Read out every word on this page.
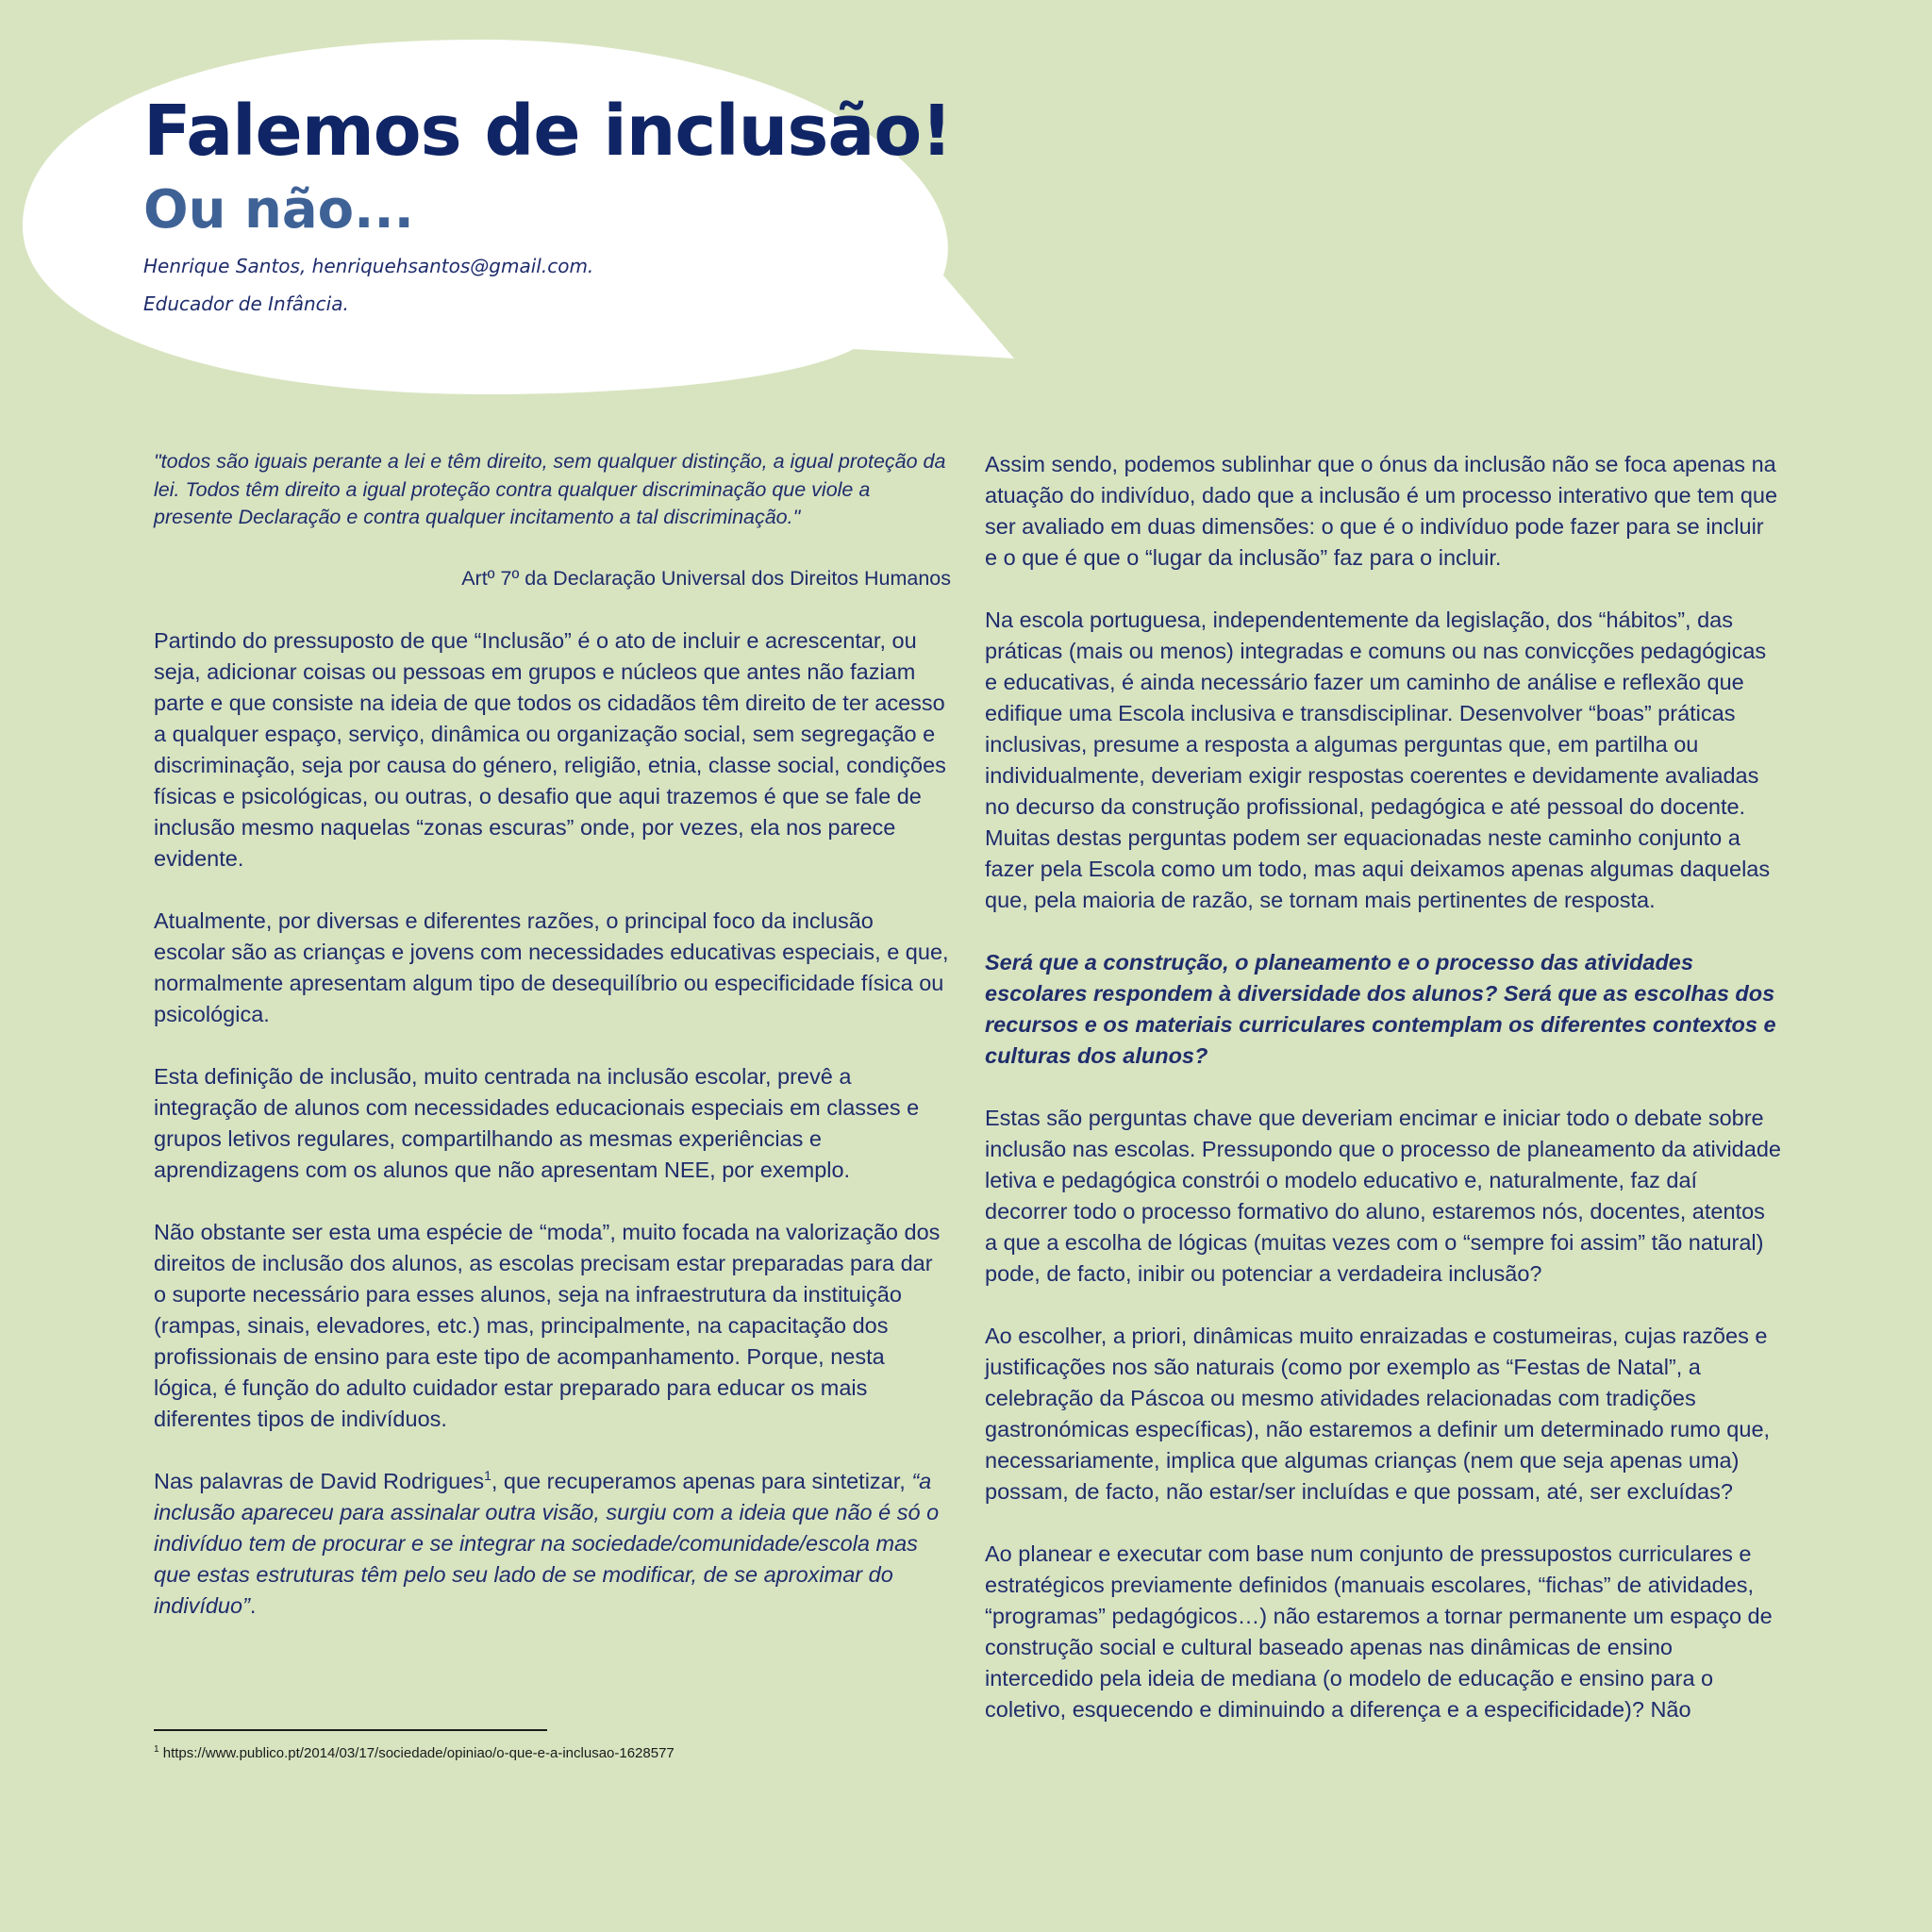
Falemos de inclusão!
Ou não...
Henrique Santos, henriquehsantos@gmail.com.
Educador de Infância.

"todos são iguais perante a lei e têm direito, sem qualquer distinção, a igual proteção da lei. Todos têm direito a igual proteção contra qualquer discriminação que viole a presente Declaração e contra qualquer incitamento a tal discriminação."

Artº 7º da Declaração Universal dos Direitos Humanos

Partindo do pressuposto de que “Inclusão” é o ato de incluir e acrescentar, ou seja, adicionar coisas ou pessoas em grupos e núcleos que antes não faziam parte e que consiste na ideia de que todos os cidadãos têm direito de ter acesso a qualquer espaço, serviço, dinâmica ou organização social, sem segregação e discriminação, seja por causa do género, religião, etnia, classe social, condições físicas e psicológicas, ou outras, o desafio que aqui trazemos é que se fale de inclusão mesmo naquelas “zonas escuras” onde, por vezes, ela nos parece evidente.

Atualmente, por diversas e diferentes razões, o principal foco da inclusão escolar são as crianças e jovens com necessidades educativas especiais, e que, normalmente apresentam algum tipo de desequilíbrio ou especificidade física ou psicológica.

Esta definição de inclusão, muito centrada na inclusão escolar, prevê a integração de alunos com necessidades educacionais especiais em classes e grupos letivos regulares, compartilhando as mesmas experiências e aprendizagens com os alunos que não apresentam NEE, por exemplo.

Não obstante ser esta uma espécie de “moda”, muito focada na valorização dos direitos de inclusão dos alunos, as escolas precisam estar preparadas para dar o suporte necessário para esses alunos, seja na infraestrutura da instituição (rampas, sinais, elevadores, etc.) mas, principalmente, na capacitação dos profissionais de ensino para este tipo de acompanhamento. Porque, nesta lógica, é função do adulto cuidador estar preparado para educar os mais diferentes tipos de indivíduos.

Nas palavras de David Rodrigues$^1$, que recuperamos apenas para sintetizar, “a inclusão apareceu para assinalar outra visão, surgiu com a ideia que não é só o indivíduo tem de procurar e se integrar na sociedade/comunidade/escola mas que estas estruturas têm pelo seu lado de se modificar, de se aproximar do indivíduo”.

Assim sendo, podemos sublinhar que o ónus da inclusão não se foca apenas na atuação do indivíduo, dado que a inclusão é um processo interativo que tem que ser avaliado em duas dimensões: o que é o indivíduo pode fazer para se incluir e o que é que o “lugar da inclusão” faz para o incluir.

Na escola portuguesa, independentemente da legislação, dos “hábitos”, das práticas (mais ou menos) integradas e comuns ou nas convicções pedagógicas e educativas, é ainda necessário fazer um caminho de análise e reflexão que edifique uma Escola inclusiva e transdisciplinar. Desenvolver “boas” práticas inclusivas, presume a resposta a algumas perguntas que, em partilha ou individualmente, deveriam exigir respostas coerentes e devidamente avaliadas no decurso da construção profissional, pedagógica e até pessoal do docente. Muitas destas perguntas podem ser equacionadas neste caminho conjunto a fazer pela Escola como um todo, mas aqui deixamos apenas algumas daquelas que, pela maioria de razão, se tornam mais pertinentes de resposta.

Será que a construção, o planeamento e o processo das atividades escolares respondem à diversidade dos alunos? Será que as escolhas dos recursos e os materiais curriculares contemplam os diferentes contextos e culturas dos alunos?

Estas são perguntas chave que deveriam encimar e iniciar todo o debate sobre inclusão nas escolas. Pressupondo que o processo de planeamento da atividade letiva e pedagógica constrói o modelo educativo e, naturalmente, faz daí decorrer todo o processo formativo do aluno, estaremos nós, docentes, atentos a que a escolha de lógicas (muitas vezes com o “sempre foi assim” tão natural) pode, de facto, inibir ou potenciar a verdadeira inclusão?

Ao escolher, a priori, dinâmicas muito enraizadas e costumeiras, cujas razões e justificações nos são naturais (como por exemplo as “Festas de Natal”, a celebração da Páscoa ou mesmo atividades relacionadas com tradições gastronómicas específicas), não estaremos a definir um determinado rumo que, necessariamente, implica que algumas crianças (nem que seja apenas uma) possam, de facto, não estar/ser incluídas e que possam, até, ser excluídas?

Ao planear e executar com base num conjunto de pressupostos curriculares e estratégicos previamente definidos (manuais escolares, “fichas” de atividades, “programas” pedagógicos…) não estaremos a tornar permanente um espaço de construção social e cultural baseado apenas nas dinâmicas de ensino intercedido pela ideia de mediana (o modelo de educação e ensino para o coletivo, esquecendo e diminuindo a diferença e a especificidade)? Não

$^1$ https://www.publico.pt/2014/03/17/sociedade/opiniao/o-que-e-a-inclusao-1628577
